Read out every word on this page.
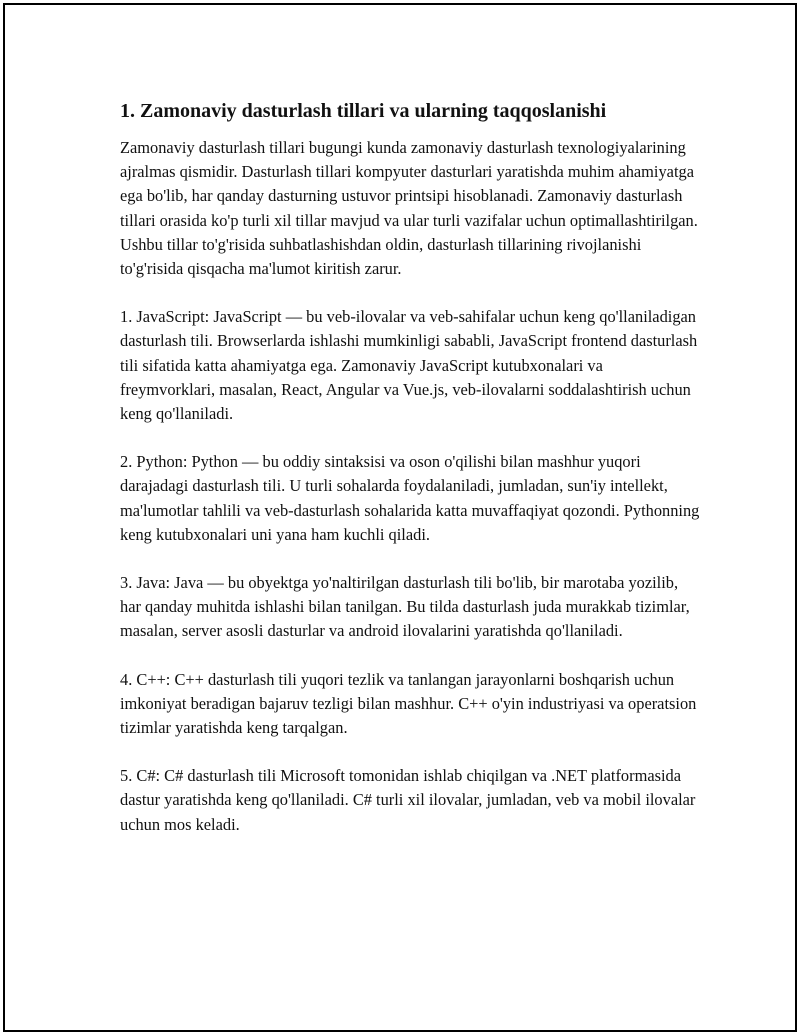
1. Zamonaviy dasturlash tillari va ularning taqqoslanishi

Zamonaviy dasturlash tillari bugungi kunda zamonaviy dasturlash texnologiyalarining ajralmas qismidir. Dasturlash tillari kompyuter dasturlari yaratishda muhim ahamiyatga ega bo'lib, har qanday dasturning ustuvor printsipi hisoblanadi. Zamonaviy dasturlash tillari orasida ko'p turli xil tillar mavjud va ular turli vazifalar uchun optimallashtirilgan. Ushbu tillar to'g'risida suhbatlashishdan oldin, dasturlash tillarining rivojlanishi to'g'risida qisqacha ma'lumot kiritish zarur.

1. JavaScript: JavaScript — bu veb-ilovalar va veb-sahifalar uchun keng qo'llaniladigan dasturlash tili. Browserlarda ishlashi mumkinligi sababli, JavaScript frontend dasturlash tili sifatida katta ahamiyatga ega. Zamonaviy JavaScript kutubxonalari va freymvorklari, masalan, React, Angular va Vue.js, veb-ilovalarni soddalashtirish uchun keng qo'llaniladi.

2. Python: Python — bu oddiy sintaksisi va oson o'qilishi bilan mashhur yuqori darajadagi dasturlash tili. U turli sohalarda foydalaniladi, jumladan, sun'iy intellekt, ma'lumotlar tahlili va veb-dasturlash sohalarida katta muvaffaqiyat qozondi. Pythonning keng kutubxonalari uni yana ham kuchli qiladi.

3. Java: Java — bu obyektga yo'naltirilgan dasturlash tili bo'lib, bir marotaba yozilib, har qanday muhitda ishlashi bilan tanilgan. Bu tilda dasturlash juda murakkab tizimlar, masalan, server asosli dasturlar va android ilovalarini yaratishda qo'llaniladi.

4. C++: C++ dasturlash tili yuqori tezlik va tanlangan jarayonlarni boshqarish uchun imkoniyat beradigan bajaruv tezligi bilan mashhur. C++ o'yin industriyasi va operatsion tizimlar yaratishda keng tarqalgan.

5. C#: C# dasturlash tili Microsoft tomonidan ishlab chiqilgan va .NET platformasida dastur yaratishda keng qo'llaniladi. C# turli xil ilovalar, jumladan, veb va mobil ilovalar uchun mos keladi.
